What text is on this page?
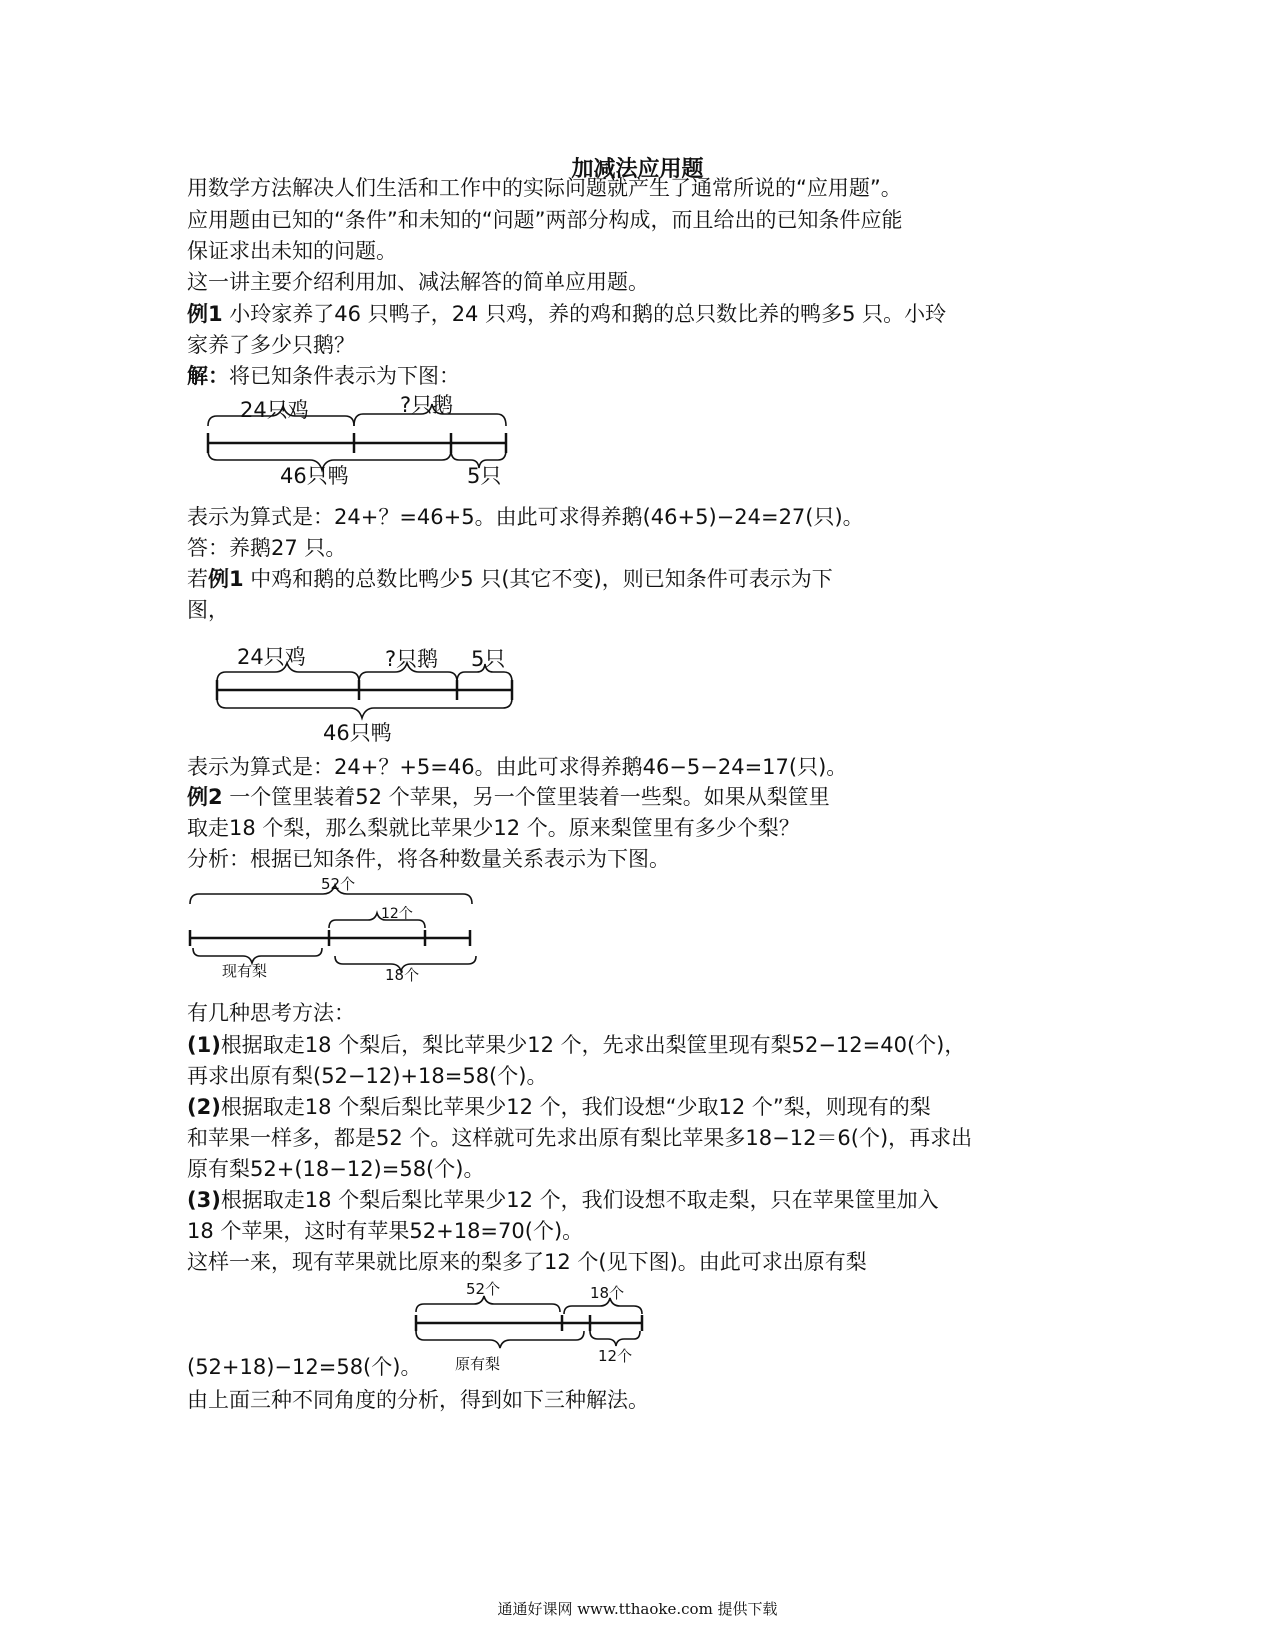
加减法应用题
用数学方法解决人们生活和工作中的实际问题就产生了通常所说的“应用题”。
应用题由已知的“条件”和未知的“问题”两部分构成，而且给出的已知条件应能
保证求出未知的问题。
这一讲主要介绍利用加、减法解答的简单应用题。
例1 小玲家养了46 只鸭子，24 只鸡，养的鸡和鹅的总只数比养的鸭多5 只。小玲
家养了多少只鹅？
解：将已知条件表示为下图：
24只鸡	?只鹅
46只鸭	5只
表示为算式是：24+？=46+5。由此可求得养鹅(46+5)−24=27(只)。
答：养鹅27 只。
若例1 中鸡和鹅的总数比鸭少5 只(其它不变)，则已知条件可表示为下
图，
24只鸡	?只鹅 5只
46只鸭
表示为算式是：24+？+5=46。由此可求得养鹅46−5−24=17(只)。
例2 一个筐里装着52 个苹果，另一个筐里装着一些梨。如果从梨筐里
取走18 个梨，那么梨就比苹果少12 个。原来梨筐里有多少个梨？
分析：根据已知条件，将各种数量关系表示为下图。
52个
12个
现有梨	18个
有几种思考方法：
(1)根据取走18 个梨后，梨比苹果少12 个，先求出梨筐里现有梨52−12=40(个)，
再求出原有梨(52−12)+18=58(个)。
(2)根据取走18 个梨后梨比苹果少12 个，我们设想“少取12 个”梨，则现有的梨
和苹果一样多，都是52 个。这样就可先求出原有梨比苹果多18−12＝6(个)，再求出
原有梨52+(18−12)=58(个)。
(3)根据取走18 个梨后梨比苹果少12 个，我们设想不取走梨，只在苹果筐里加入
18 个苹果，这时有苹果52+18=70(个)。
这样一来，现有苹果就比原来的梨多了12 个(见下图)。由此可求出原有梨
52个	18个
12个
原有梨
(52+18)−12=58(个)。
由上面三种不同角度的分析，得到如下三种解法。
通通好课网 www.tthaoke.com 提供下载
